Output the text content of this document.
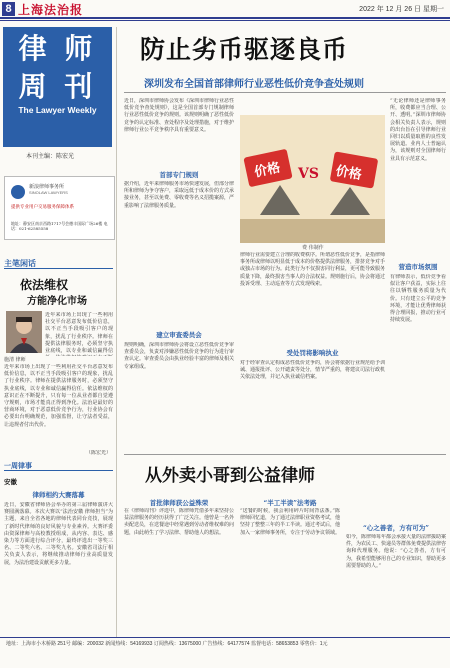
8 上海法治报	2022 年 12 月 26 日 星期一
律 师
周 刊
The Lawyer Weekly
本刊主编：陈宏光
新浪律师事务所
SINOLAW LAWYERS
提供专业用户交易服务保障体系
地址：静安区南京西路1717号会德丰国际广场26楼 电话：021-62585558
主笔闲话
依法维权
方能净化市场
近年来市场上出现了一些利用社交平台恶意发布低价信息，以不正当手段吸引客户的现象，扰乱了行业秩序。律师在提供法律服务时，必须坚守执业底线，以专业和诚信赢得信
施清 律师
近年来市场上出现了一些利用社交平台恶意发布低价信息，以不正当手段吸引客户的现象，扰乱了行业秩序。律师在提供法律服务时，必须坚守执业底线，以专业和诚信赢得信任。依法维权的意识正在不断提升，只有每一位从业者都自觉遵守规则，市场才能真正得到净化。法治是最好的营商环境，对于恶意低价竞争行为，行业协会有必要出台明确规范，加强监督，让守法者受益，让违规者付出代价。
（陈宏光）
一周律事
安徽
律师相约大赛落幕
近日，安徽省律师协会举办的第三届律师演讲大赛圆满落幕。本次大赛以“法治安徽 律师担当”为主题，来自全省各地的律师代表同台竞技，展现了新时代律师的良好风貌与专业素养。大赛评委由资深律师与高校教授组成，从内容、表达、感染力等方面进行综合评分，最终评选出一等奖三名、二等奖六名、三等奖九名。安徽省司法厅相关负责人表示，将继续推动律师行业高质量发展，为法治建设贡献更多力量。
防止劣币驱逐良币
深圳发布全国首部律师行业恶性低价竞争查处规则
近日，深圳市律师协会发布《深圳市律师行业恶性低价竞争查处规则》，这是全国首部专门规制律师行业恶性低价竞争的规则。该规则明确了恶性低价竞争的认定标准、查处程序及处理措施，对于维护律师行业公平竞争秩序具有重要意义。
首部专门规则
据介绍，近年来律师服务市场快速发展，但部分律所和律师为争夺客户，采取远低于成本价的方式承接业务，甚至以免费、零收费等名义招揽案源，严重影响了法律服务质量。
建立审查委员会
规则明确，深圳市律师协会将设立恶性低价竞争审查委员会，负责对涉嫌恶性低价竞争的行为进行审查认定。审查委员会由执业经验丰富的律师及相关专家组成。
价格	价格
VS
费 伟制作
律师行业需要建立合理的收费秩序。所谓恶性低价竞争，是指律师事务所或律师以明显低于成本的价格提供法律服务，排挤竞争对手或独占市场的行为。此类行为不仅损害同行利益，更可能导致服务质量下降，最终损害当事人的合法权益。规则施行后，协会将通过投诉受理、主动巡查等方式发现线索。
受处罚将影响执业
对于经审查认定构成恶性低价竞争的，协会将依据行业规范给予训诫、通报批评、公开谴责等处分，情节严重的，将建议司法行政机关依法处理，并记入执业诚信档案。
“无论律师还是律师事务所，收费都应当合理、公开、透明。”深圳市律师协会相关负责人表示，规则的出台旨在引导律师行业回归以质量取胜的良性发展轨道。业内人士普遍认为，该规则对全国律师行业具有示范意义。
营造市场氛围
有律师表示，低价竞争看似让客户获益，实际上往往以牺牲服务质量为代价。只有建立公平的竞争环境，才能让优秀律师获得合理回报，推动行业可持续发展。
从外卖小哥到公益律师
首批律师获公益殊荣
在《律师周刊》评选中，陈律师凭借多年来坚持公益法律服务的经历获得了广泛关注。他曾是一名外卖配送员，在送餐途中经常遇到劳动者维权难的问题，由此萌生了学习法律、帮助他人的想法。
“半工半读”法考路
“送餐的时候，我会利用碎片时间背法条。”陈律师回忆道，为了通过法律职业资格考试，他坚持了整整三年的半工半读。通过考试后，他加入一家律师事务所，专注于劳动争议领域。
“心之善者，方有可为”
如今，陈律师每年都会承接大量的法律援助案件，为农民工、快递员等群体免费提供法律咨询和代理服务。他说：“心之善者，方有可为，我希望能够用自己的专业知识，帮助更多需要帮助的人。”
地址：上海市小木桥路 251号 邮编：200032 新闻热线：54169933 订阅热线：13675000 广告热线：64177574 监督电话：58653853 零售价：1元
